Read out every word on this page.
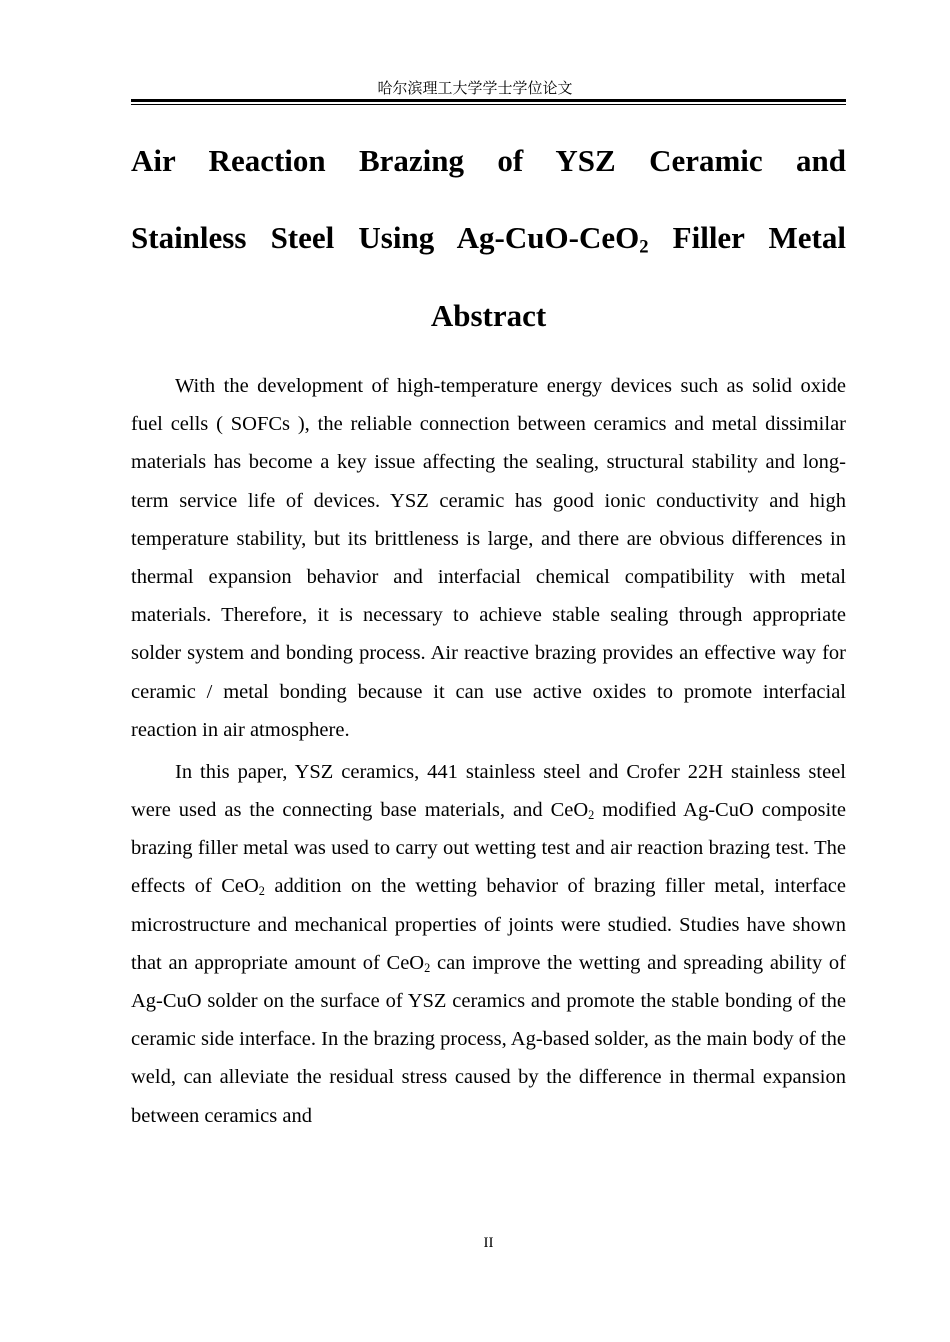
哈尔滨理工大学学士学位论文
Air Reaction Brazing of YSZ Ceramic and
Stainless Steel Using Ag-CuO-CeO$_2$ Filler Metal
Abstract

With the development of high-temperature energy devices such as solid oxide fuel cells ( SOFCs ), the reliable connection between ceramics and metal dissimilar materials has become a key issue affecting the sealing, structural stability and long-term service life of devices. YSZ ceramic has good ionic conductivity and high temperature stability, but its brittleness is large, and there are obvious differences in thermal expansion behavior and interfacial chemical compatibility with metal materials. Therefore, it is necessary to achieve stable sealing through appropriate solder system and bonding process. Air reactive brazing provides an effective way for ceramic / metal bonding because it can use active oxides to promote interfacial reaction in air atmosphere.

In this paper, YSZ ceramics, 441 stainless steel and Crofer 22H stainless steel were used as the connecting base materials, and CeO$_2$ modified Ag-CuO composite brazing filler metal was used to carry out wetting test and air reaction brazing test. The effects of CeO$_2$ addition on the wetting behavior of brazing filler metal, interface microstructure and mechanical properties of joints were studied. Studies have shown that an appropriate amount of CeO$_2$ can improve the wetting and spreading ability of Ag-CuO solder on the surface of YSZ ceramics and promote the stable bonding of the ceramic side interface. In the brazing process, Ag-based solder, as the main body of the weld, can alleviate the residual stress caused by the difference in thermal expansion between ceramics and

II
